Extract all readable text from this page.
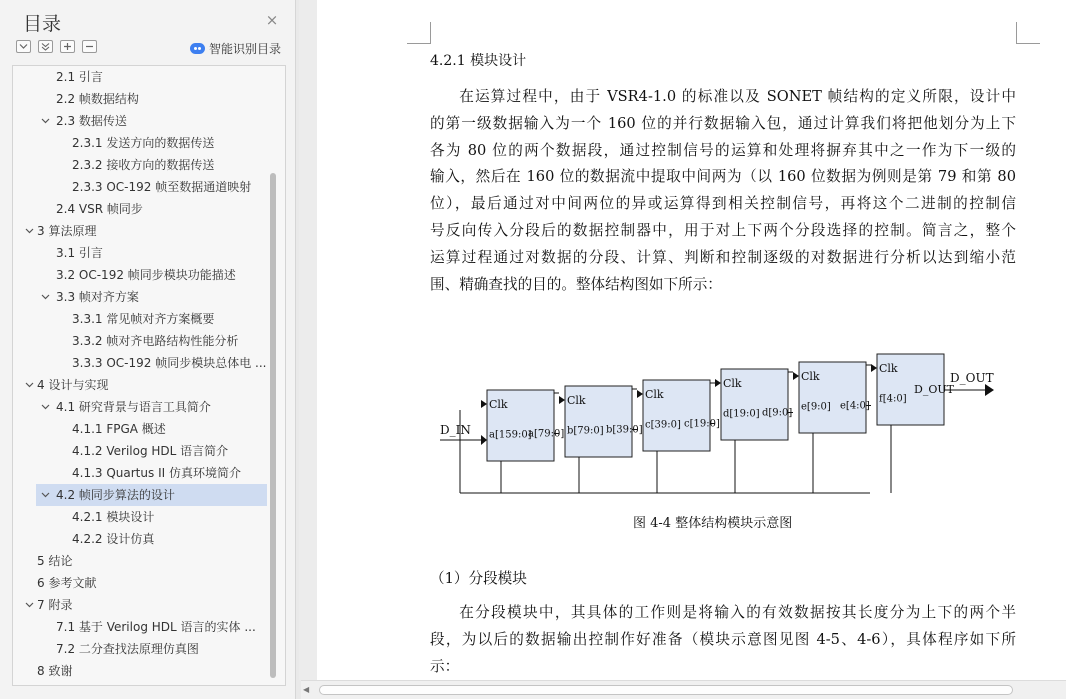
目录	×
智能识别目录
2.1 引言
2.2 帧数据结构
2.3 数据传送
2.3.1 发送方向的数据传送
2.3.2 接收方向的数据传送
2.3.3 OC-192 帧至数据通道映射
2.4 VSR 帧同步
3 算法原理
3.1 引言
3.2 OC-192 帧同步模块功能描述
3.3 帧对齐方案
3.3.1 常见帧对齐方案概要
3.3.2 帧对齐电路结构性能分析
3.3.3 OC-192 帧同步模块总体电 ...
4 设计与实现
4.1 研究背景与语言工具简介
4.1.1 FPGA 概述
4.1.2 Verilog HDL 语言简介
4.1.3 Quartus II 仿真环境简介
4.2 帧同步算法的设计
4.2.1 模块设计
4.2.2 设计仿真
5 结论
6 参考文献
7 附录
7.1 基于 Verilog HDL 语言的实体 ...
7.2 二分查找法原理仿真图
8 致谢
4.2.1 模块设计
在运算过程中，由于 VSR4-1.0 的标准以及 SONET 帧结构的定义所限，设计中
的第一级数据输入为一个 160 位的并行数据输入包，通过计算我们将把他划分为上下
各为 80 位的两个数据段，通过控制信号的运算和处理将摒弃其中之一作为下一级的
输入，然后在 160 位的数据流中提取中间两为（以 160 位数据为例则是第 79 和第 80
位），最后通过对中间两位的异或运算得到相关控制信号，再将这个二进制的控制信
号反向传入分段后的数据控制器中，用于对上下两个分段选择的控制。简言之，整个
运算过程通过对数据的分段、计算、判断和控制逐级的对数据进行分析以达到缩小范
围、精确查找的目的。整体结构图如下所示：
Clk
a[159:0]
a[79:0]
Clk
b[79:0] b[39:0]
Clk
c[39:0] c[19:0]
Clk
d[19:0] d[9:0]
Clk
e[9:0] e[4:0]
Clk
f[4:0]
D_OUT
D_IN
D_OUT
图 4-4 整体结构模块示意图
（1）分段模块
在分段模块中，其具体的工作则是将输入的有效数据按其长度分为上下的两个半
段，为以后的数据输出控制作好准备（模块示意图见图 4-5、4-6），具体程序如下所
示：
◀
